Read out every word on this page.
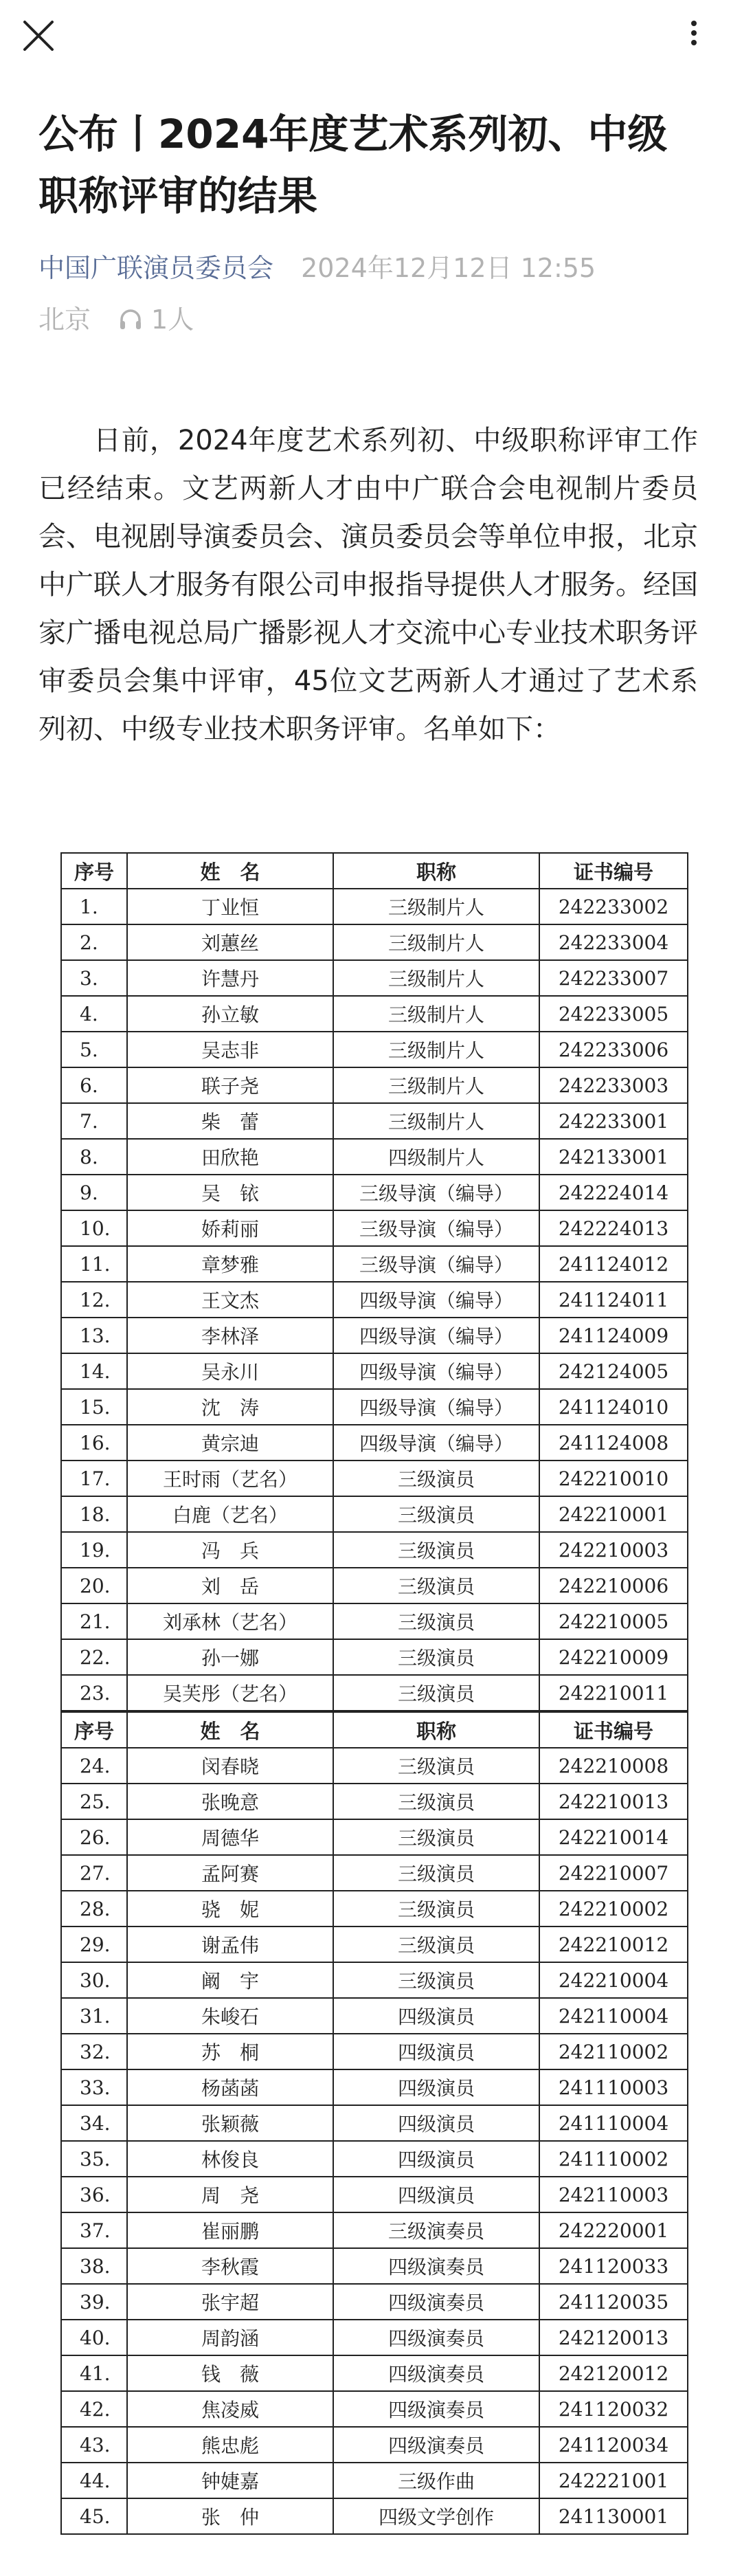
公布丨2024年度艺术系列初、中级职称评审的结果
中国广联演员委员会 2024年12月12日 12:55
北京 1人

日前，2024年度艺术系列初、中级职称评审工作已经结束。文艺两新人才由中广联合会电视制片委员会、电视剧导演委员会、演员委员会等单位申报，北京中广联人才服务有限公司申报指导提供人才服务。经国家广播电视总局广播影视人才交流中心专业技术职务评审委员会集中评审，45位文艺两新人才通过了艺术系列初、中级专业技术职务评审。名单如下：

序号	姓　名	职称	证书编号
1.	丁业恒	三级制片人	242233002
2.	刘蕙丝	三级制片人	242233004
3.	许慧丹	三级制片人	242233007
4.	孙立敏	三级制片人	242233005
5.	吴志非	三级制片人	242233006
6.	联子尧	三级制片人	242233003
7.	柴　蕾	三级制片人	242233001
8.	田欣艳	四级制片人	242133001
9.	吴　铱	三级导演（编导）	242224014
10.	娇莉丽	三级导演（编导）	242224013
11.	章梦雅	三级导演（编导）	241124012
12.	王文杰	四级导演（编导）	241124011
13.	李林泽	四级导演（编导）	241124009
14.	吴永川	四级导演（编导）	242124005
15.	沈　涛	四级导演（编导）	241124010
16.	黄宗迪	四级导演（编导）	241124008
17.	王时雨（艺名）	三级演员	242210010
18.	白鹿（艺名）	三级演员	242210001
19.	冯　兵	三级演员	242210003
20.	刘　岳	三级演员	242210006
21.	刘承林（艺名）	三级演员	242210005
22.	孙一娜	三级演员	242210009
23.	吴芙彤（艺名）	三级演员	242210011
序号	姓　名	职称	证书编号
24.	闵春晓	三级演员	242210008
25.	张晚意	三级演员	242210013
26.	周德华	三级演员	242210014
27.	孟阿赛	三级演员	242210007
28.	骁　妮	三级演员	242210002
29.	谢孟伟	三级演员	242210012
30.	阚　宇	三级演员	242210004
31.	朱峻石	四级演员	242110004
32.	苏　桐	四级演员	242110002
33.	杨菡菡	四级演员	241110003
34.	张颖薇	四级演员	241110004
35.	林俊良	四级演员	241110002
36.	周　尧	四级演员	242110003
37.	崔丽鹏	三级演奏员	242220001
38.	李秋霞	四级演奏员	241120033
39.	张宇超	四级演奏员	241120035
40.	周韵涵	四级演奏员	242120013
41.	钱　薇	四级演奏员	242120012
42.	焦凌威	四级演奏员	241120032
43.	熊忠彪	四级演奏员	241120034
44.	钟婕嘉	三级作曲	242221001
45.	张　仲	四级文学创作	241130001
